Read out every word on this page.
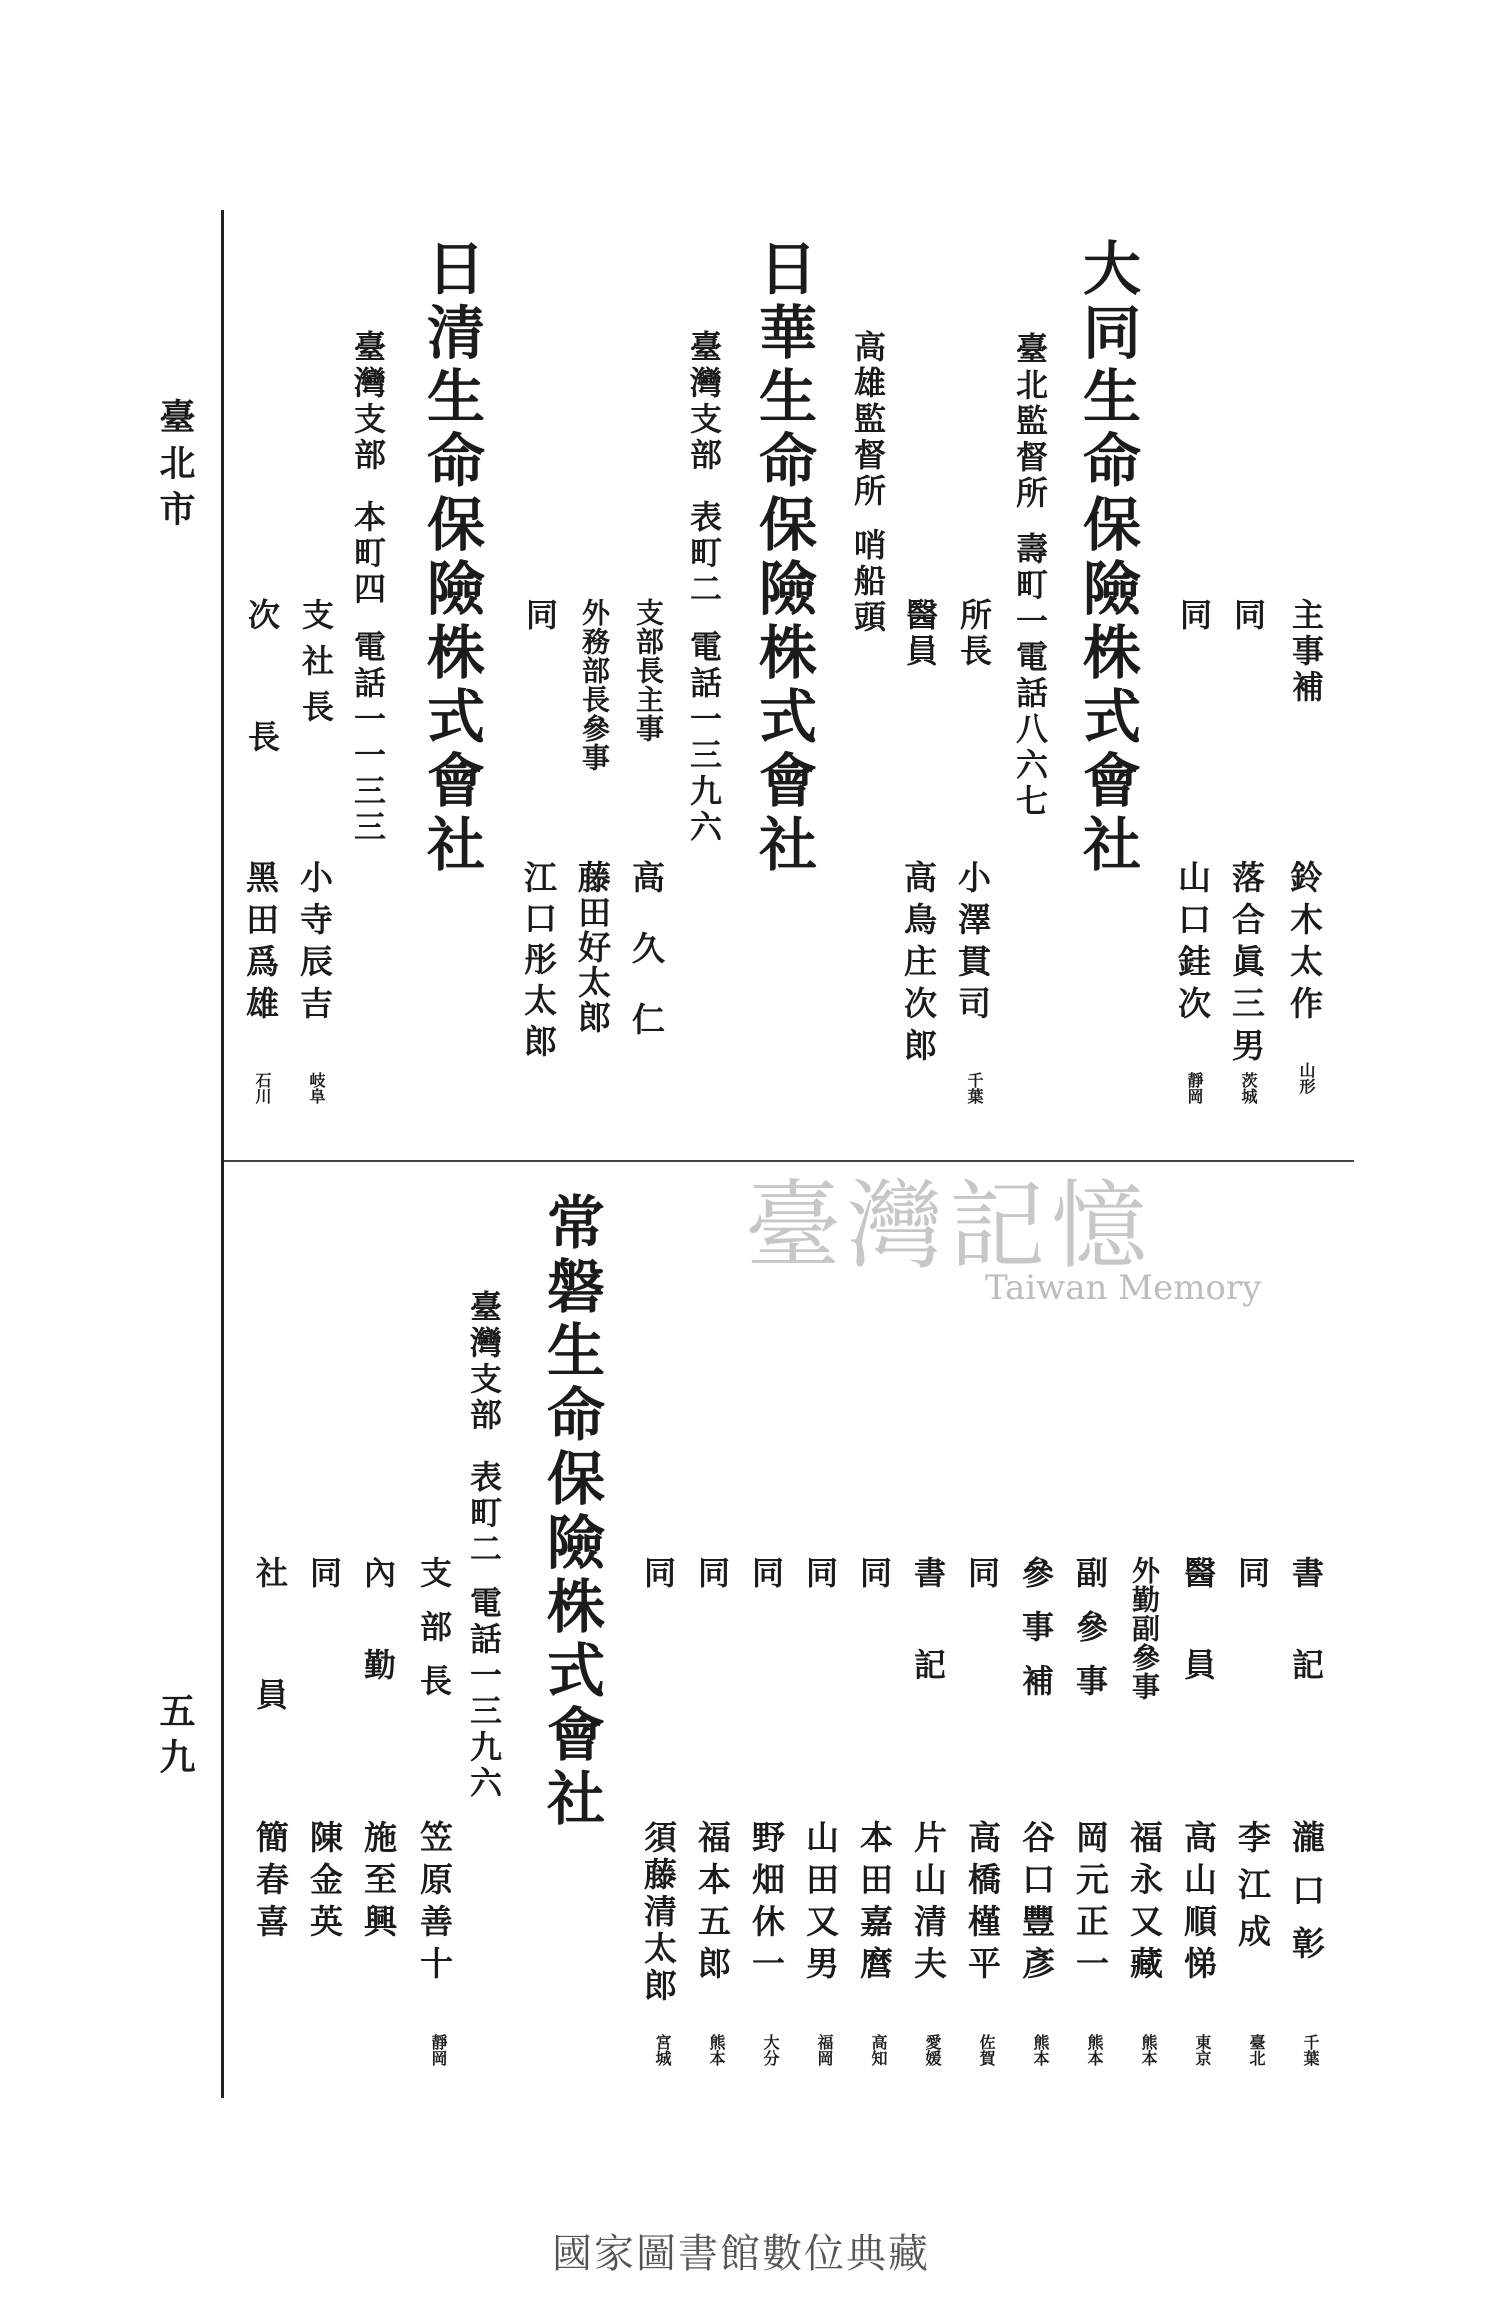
臺北市
五九
臺灣記憶
Taiwan Memory
大同生命保險株式會社
臺北監督所
壽町一
電話八六七
高雄監督所
哨船頭
主事補
鈴木太作
山形
同
落合眞三男
茨城
同
山口銈次
靜岡
所長
小澤貫司
千葉
醫員
高鳥庄次郎
日華生命保險株式會社
臺灣支部
表町二
電話一三九六
支部長主事
高久仁
外務部長參事
藤田好太郎
同
江口彤太郎
日清生命保險株式會社
臺灣支部
本町四
電話一一三三
支社長
小寺辰吉
岐阜
次長
黑田爲雄
石川
常磐生命保險株式會社
臺灣支部
表町二
電話一三九六	書記
瀧口彰
千葉
同
李江成
臺北
醫員
高山順悌
東京
外勤副參事
福永又藏
熊本
副參事
岡元正一
熊本
參事補
谷口豐彥
熊本
同
高橋槿平
佐賀
書記
片山清夫
愛媛
同
本田嘉麿
高知
同
山田又男
福岡
同
野畑休一
大分
同
福本五郎
熊本
同
須藤清太郎
宮城
支部長
笠原善十
靜岡
內勤
施至興
同
陳金英
社員
簡春喜
國家圖書館數位典藏
